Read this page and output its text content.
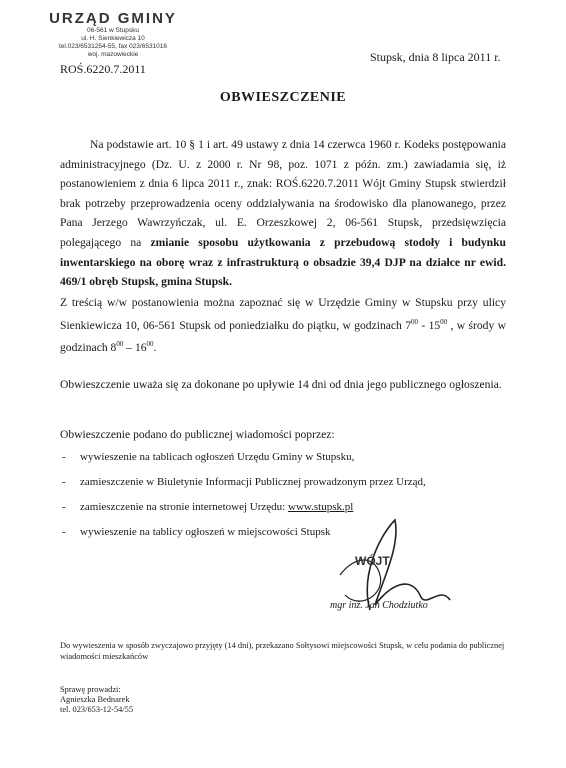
URZĄD GMINY
06-561 w Stupsku
ul. H. Sienkiewicza 10
tel.023/6531254-55, fax 023/6531016
woj. mazowieckie
ROŚ.6220.7.2011
Stupsk, dnia 8 lipca 2011 r.
OBWIESZCZENIE
Na podstawie art. 10 § 1 i art. 49 ustawy z dnia 14 czerwca 1960 r. Kodeks postępowania administracyjnego (Dz. U. z 2000 r. Nr 98, poz. 1071 z późn. zm.) zawiadamia się, iż postanowieniem z dnia 6 lipca 2011 r., znak: ROŚ.6220.7.2011 Wójt Gminy Stupsk stwierdził brak potrzeby przeprowadzenia oceny oddziaływania na środowisko dla planowanego, przez Pana Jerzego Wawrzyńczak, ul. E. Orzeszkowej 2, 06-561 Stupsk, przedsięwzięcia polegającego na zmianie sposobu użytkowania z przebudową stodoły i budynku inwentarskiego na oborę wraz z infrastrukturą o obsadzie 39,4 DJP na działce nr ewid. 469/1 obręb Stupsk, gmina Stupsk.
Z treścią w/w postanowienia można zapoznać się w Urzędzie Gminy w Stupsku przy ulicy Sienkiewicza 10, 06-561 Stupsk od poniedziałku do piątku, w godzinach $7^{00} - 15^{00}$ , w środy w godzinach $8^{00} - 16^{00}$.
Obwieszczenie uważa się za dokonane po upływie 14 dni od dnia jego publicznego ogłoszenia.
Obwieszczenie podano do publicznej wiadomości poprzez:
- wywieszenie na tablicach ogłoszeń Urzędu Gminy w Stupsku,
- zamieszczenie w Biuletynie Informacji Publicznej prowadzonym przez Urząd,
- zamieszczenie na stronie internetowej Urzędu: www.stupsk.pl
- wywieszenie na tablicy ogłoszeń w miejscowości Stupsk
WÓJT
mgr inż. Jan Chodziutko
Do wywieszenia w sposób zwyczajowo przyjęty (14 dni), przekazano Sołtysowi miejscowości Stupsk, w celu podania do publicznej wiadomości mieszkańców
Sprawę prowadzi:
Agnieszka Bednarek
tel. 023/653-12-54/55
